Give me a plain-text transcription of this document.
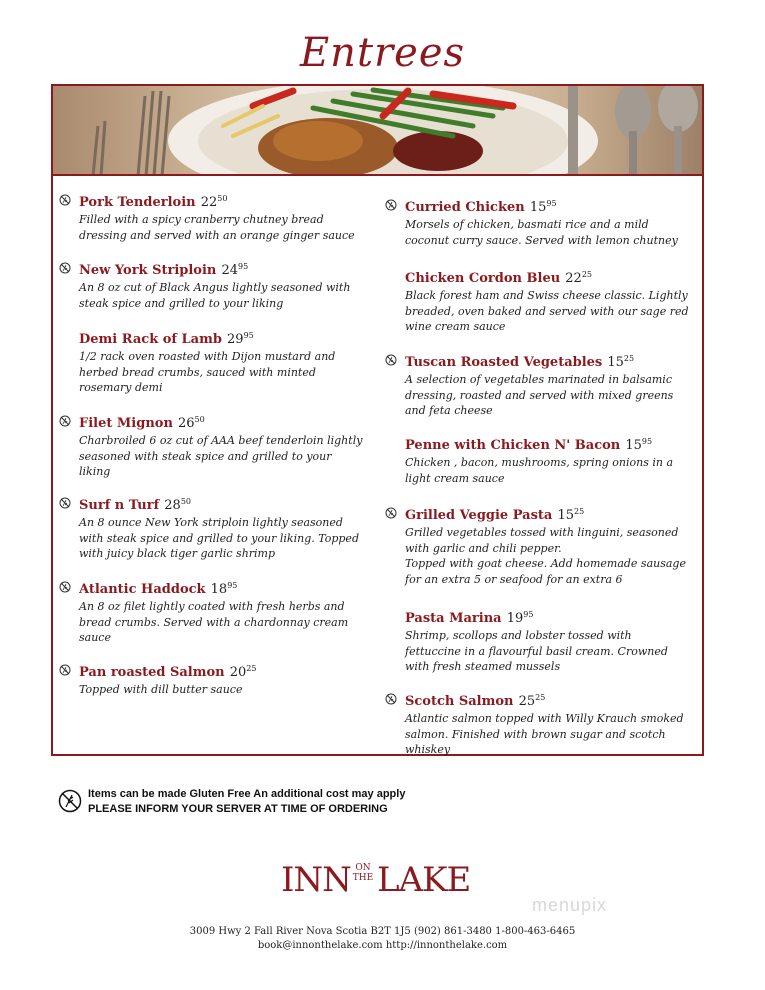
Entrees
Pork Tenderloin $22^{50}$
Filled with a spicy cranberry chutney bread
dressing and served with an orange ginger sauce
New York Striploin $24^{95}$
An 8 oz cut of Black Angus lightly seasoned with
steak spice and grilled to your liking
Demi Rack of Lamb $29^{95}$
1/2 rack oven roasted with Dijon mustard and
herbed bread crumbs, sauced with minted
rosemary demi
Filet Mignon $26^{50}$
Charbroiled 6 oz cut of AAA beef tenderloin lightly
seasoned with steak spice and grilled to your
liking
Surf n Turf $28^{50}$
An 8 ounce New York striploin lightly seasoned
with steak spice and grilled to your liking. Topped
with juicy black tiger garlic shrimp
Atlantic Haddock $18^{95}$
An 8 oz filet lightly coated with fresh herbs and
bread crumbs. Served with a chardonnay cream
sauce
Pan roasted Salmon $20^{25}$
Topped with dill butter sauce
Curried Chicken $15^{95}$
Morsels of chicken, basmati rice and a mild
coconut curry sauce. Served with lemon chutney
Chicken Cordon Bleu $22^{25}$
Black forest ham and Swiss cheese classic. Lightly
breaded, oven baked and served with our sage red
wine cream sauce
Tuscan Roasted Vegetables $15^{25}$
A selection of vegetables marinated in balsamic
dressing, roasted and served with mixed greens
and feta cheese
Penne with Chicken N' Bacon $15^{95}$
Chicken , bacon, mushrooms, spring onions in a
light cream sauce
Grilled Veggie Pasta $15^{25}$
Grilled vegetables tossed with linguini, seasoned
with garlic and chili pepper.
Topped with goat cheese. Add homemade sausage
for an extra 5 or seafood for an extra 6
Pasta Marina $19^{95}$
Shrimp, scollops and lobster tossed with
fettuccine in a flavourful basil cream. Crowned
with fresh steamed mussels
Scotch Salmon $25^{25}$
Atlantic salmon topped with Willy Krauch smoked
salmon. Finished with brown sugar and scotch
whiskey
Items can be made Gluten Free An additional cost may apply
PLEASE INFORM YOUR SERVER AT TIME OF ORDERING
INN ON
THE LAKE
menupix
3009 Hwy 2 Fall River Nova Scotia B2T 1J5 (902) 861-3480 1-800-463-6465
book@innonthelake.com http://innonthelake.com
